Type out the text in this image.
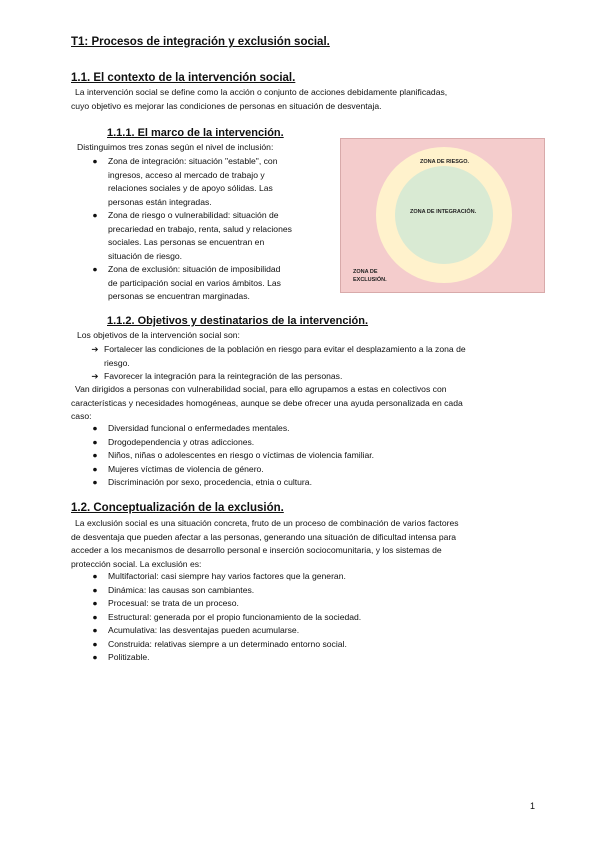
T1: Procesos de integración y exclusión social.
1.1. El contexto de la intervención social.
La intervención social se define como la acción o conjunto de acciones debidamente planificadas,
cuyo objetivo es mejorar las condiciones de personas en situación de desventaja.
1.1.1. El marco de la intervención.
Distinguimos tres zonas según el nivel de inclusión:
●	Zona de integración: situación "estable", con
ingresos, acceso al mercado de trabajo y
relaciones sociales y de apoyo sólidas. Las
personas están integradas.
●	Zona de riesgo o vulnerabilidad: situación de
precariedad en trabajo, renta, salud y relaciones
sociales. Las personas se encuentran en
situación de riesgo.
●	Zona de exclusión: situación de imposibilidad
de participación social en varios ámbitos. Las
personas se encuentran marginadas.
ZONA DE RIESGO.
ZONA DE INTEGRACIÓN.
ZONA DE
EXCLUSIÓN.
1.1.2. Objetivos y destinatarios de la intervención.
Los objetivos de la intervención social son:
➔ Fortalecer las condiciones de la población en riesgo para evitar el desplazamiento a la zona de
riesgo.
➔ Favorecer la integración para la reintegración de las personas.
Van dirigidos a personas con vulnerabilidad social, para ello agrupamos a estas en colectivos con
características y necesidades homogéneas, aunque se debe ofrecer una ayuda personalizada en cada
caso:
●	Diversidad funcional o enfermedades mentales.
●	Drogodependencia y otras adicciones.
●	Niños, niñas o adolescentes en riesgo o víctimas de violencia familiar.
●	Mujeres víctimas de violencia de género.
●	Discriminación por sexo, procedencia, etnia o cultura.
1.2. Conceptualización de la exclusión.
La exclusión social es una situación concreta, fruto de un proceso de combinación de varios factores
de desventaja que pueden afectar a las personas, generando una situación de dificultad intensa para
acceder a los mecanismos de desarrollo personal e inserción sociocomunitaria, y los sistemas de
protección social. La exclusión es:
●	Multifactorial: casi siempre hay varios factores que la generan.
●	Dinámica: las causas son cambiantes.
●	Procesual: se trata de un proceso.
●	Estructural: generada por el propio funcionamiento de la sociedad.
●	Acumulativa: las desventajas pueden acumularse.
●	Construida: relativas siempre a un determinado entorno social.
●	Politizable.
1
